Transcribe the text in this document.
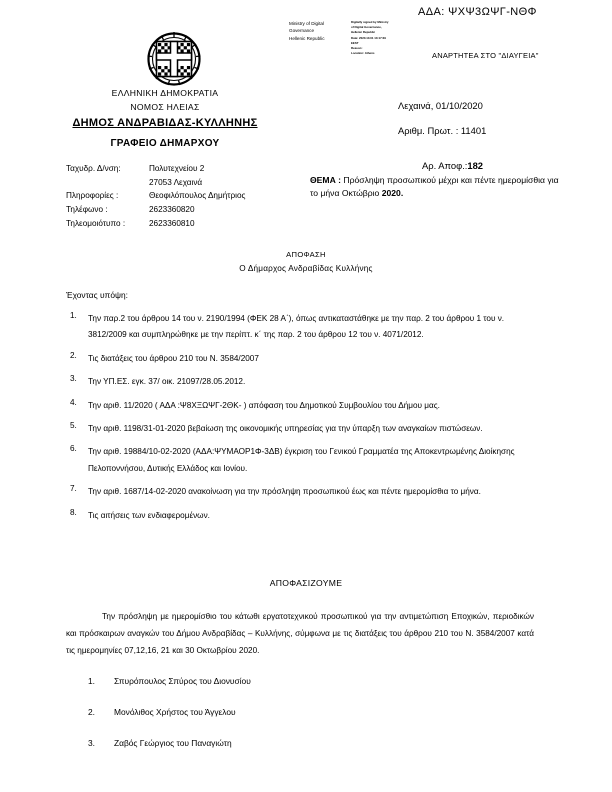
ΑΔΑ: ΨΧΨ3ΩΨΓ-ΝΘΦ
Ministry of Digital
Governance
Hellenic Republic
Digitally signed by Ministry
of Digital Governance,
Hellenic Republic
Date: 2020.10.01 13:17:29
EEST
Reason:
Location: Athens	ΑΝΑΡΤΗΤΕΑ ΣΤΟ "ΔΙΑΥΓΕΙΑ"
ΕΛΛΗΝΙΚΗ ΔΗΜΟΚΡΑΤΙΑ
ΝΟΜΟΣ ΗΛΕΙΑΣ
ΔΗΜΟΣ ΑΝΔΡΑΒΙΔΑΣ-ΚΥΛΛΗΝΗΣ
ΓΡΑΦΕΙΟ ΔΗΜΑΡΧΟΥ
Λεχαινά, 01/10/2020
Αριθμ. Πρωτ. : 11401
Αρ. Αποφ.:182
Ταχυδρ. Δ/νση:	Πολυτεχνείου 2
	27053 Λεχαινά
Πληροφορίες :	Θεοφιλόπουλος Δημήτριος
Τηλέφωνο :	2623360820
Τηλεομοιότυπο :	2623360810
ΘΕΜΑ : Πρόσληψη προσωπικού μέχρι και πέντε ημερομίσθια για το μήνα Οκτώβριο 2020.
ΑΠΟΦΑΣΗ
Ο Δήμαρχος Ανδραβίδας Κυλλήνης
Έχοντας υπόψη:
1.	Την παρ.2 του άρθρου 14 του ν. 2190/1994 (ΦΕΚ 28 Α΄), όπως αντικαταστάθηκε με την παρ. 2 του άρθρου 1 του ν. 3812/2009 και συμπληρώθηκε με την περίπτ. κ΄ της παρ. 2 του άρθρου 12 του ν. 4071/2012.
2.	Τις διατάξεις του άρθρου 210 του Ν. 3584/2007
3.	Την ΥΠ.ΕΣ. εγκ. 37/ οικ. 21097/28.05.2012.
4.	Την αριθ. 11/2020 ( ΑΔΑ :Ψ8ΧΞΩΨΓ-2ΘΚ- ) απόφαση του Δημοτικού Συμβουλίου του Δήμου μας.
5.	Την αριθ. 1198/31-01-2020 βεβαίωση της οικονομικής υπηρεσίας για την ύπαρξη των αναγκαίων πιστώσεων.
6.	Την αριθ. 19884/10-02-2020 (ΑΔΑ:ΨΥΜΑΟΡ1Φ-3ΔΒ) έγκριση του Γενικού Γραμματέα της Αποκεντρωμένης Διοίκησης Πελοποννήσου, Δυτικής Ελλάδος και Ιονίου.
7.	Την αριθ. 1687/14-02-2020 ανακοίνωση για την πρόσληψη προσωπικού έως και πέντε ημερομίσθια το μήνα.
8.	Τις αιτήσεις των ενδιαφερομένων.
ΑΠΟΦΑΣΙΖΟΥΜΕ
Την πρόσληψη με ημερομίσθιο του κάτωθι εργατοτεχνικού προσωπικού για την αντιμετώπιση Εποχικών, περιοδικών και πρόσκαιρων αναγκών του Δήμου Ανδραβίδας – Κυλλήνης, σύμφωνα με τις διατάξεις του άρθρου 210 του Ν. 3584/2007 κατά τις ημερομηνίες 07,12,16, 21 και 30 Οκτωβρίου 2020.
1.	Σπυρόπουλος Σπύρος του Διονυσίου
2.	Μονόλιθος Χρήστος του Άγγελου
3.	Ζαβός Γεώργιος του Παναγιώτη
